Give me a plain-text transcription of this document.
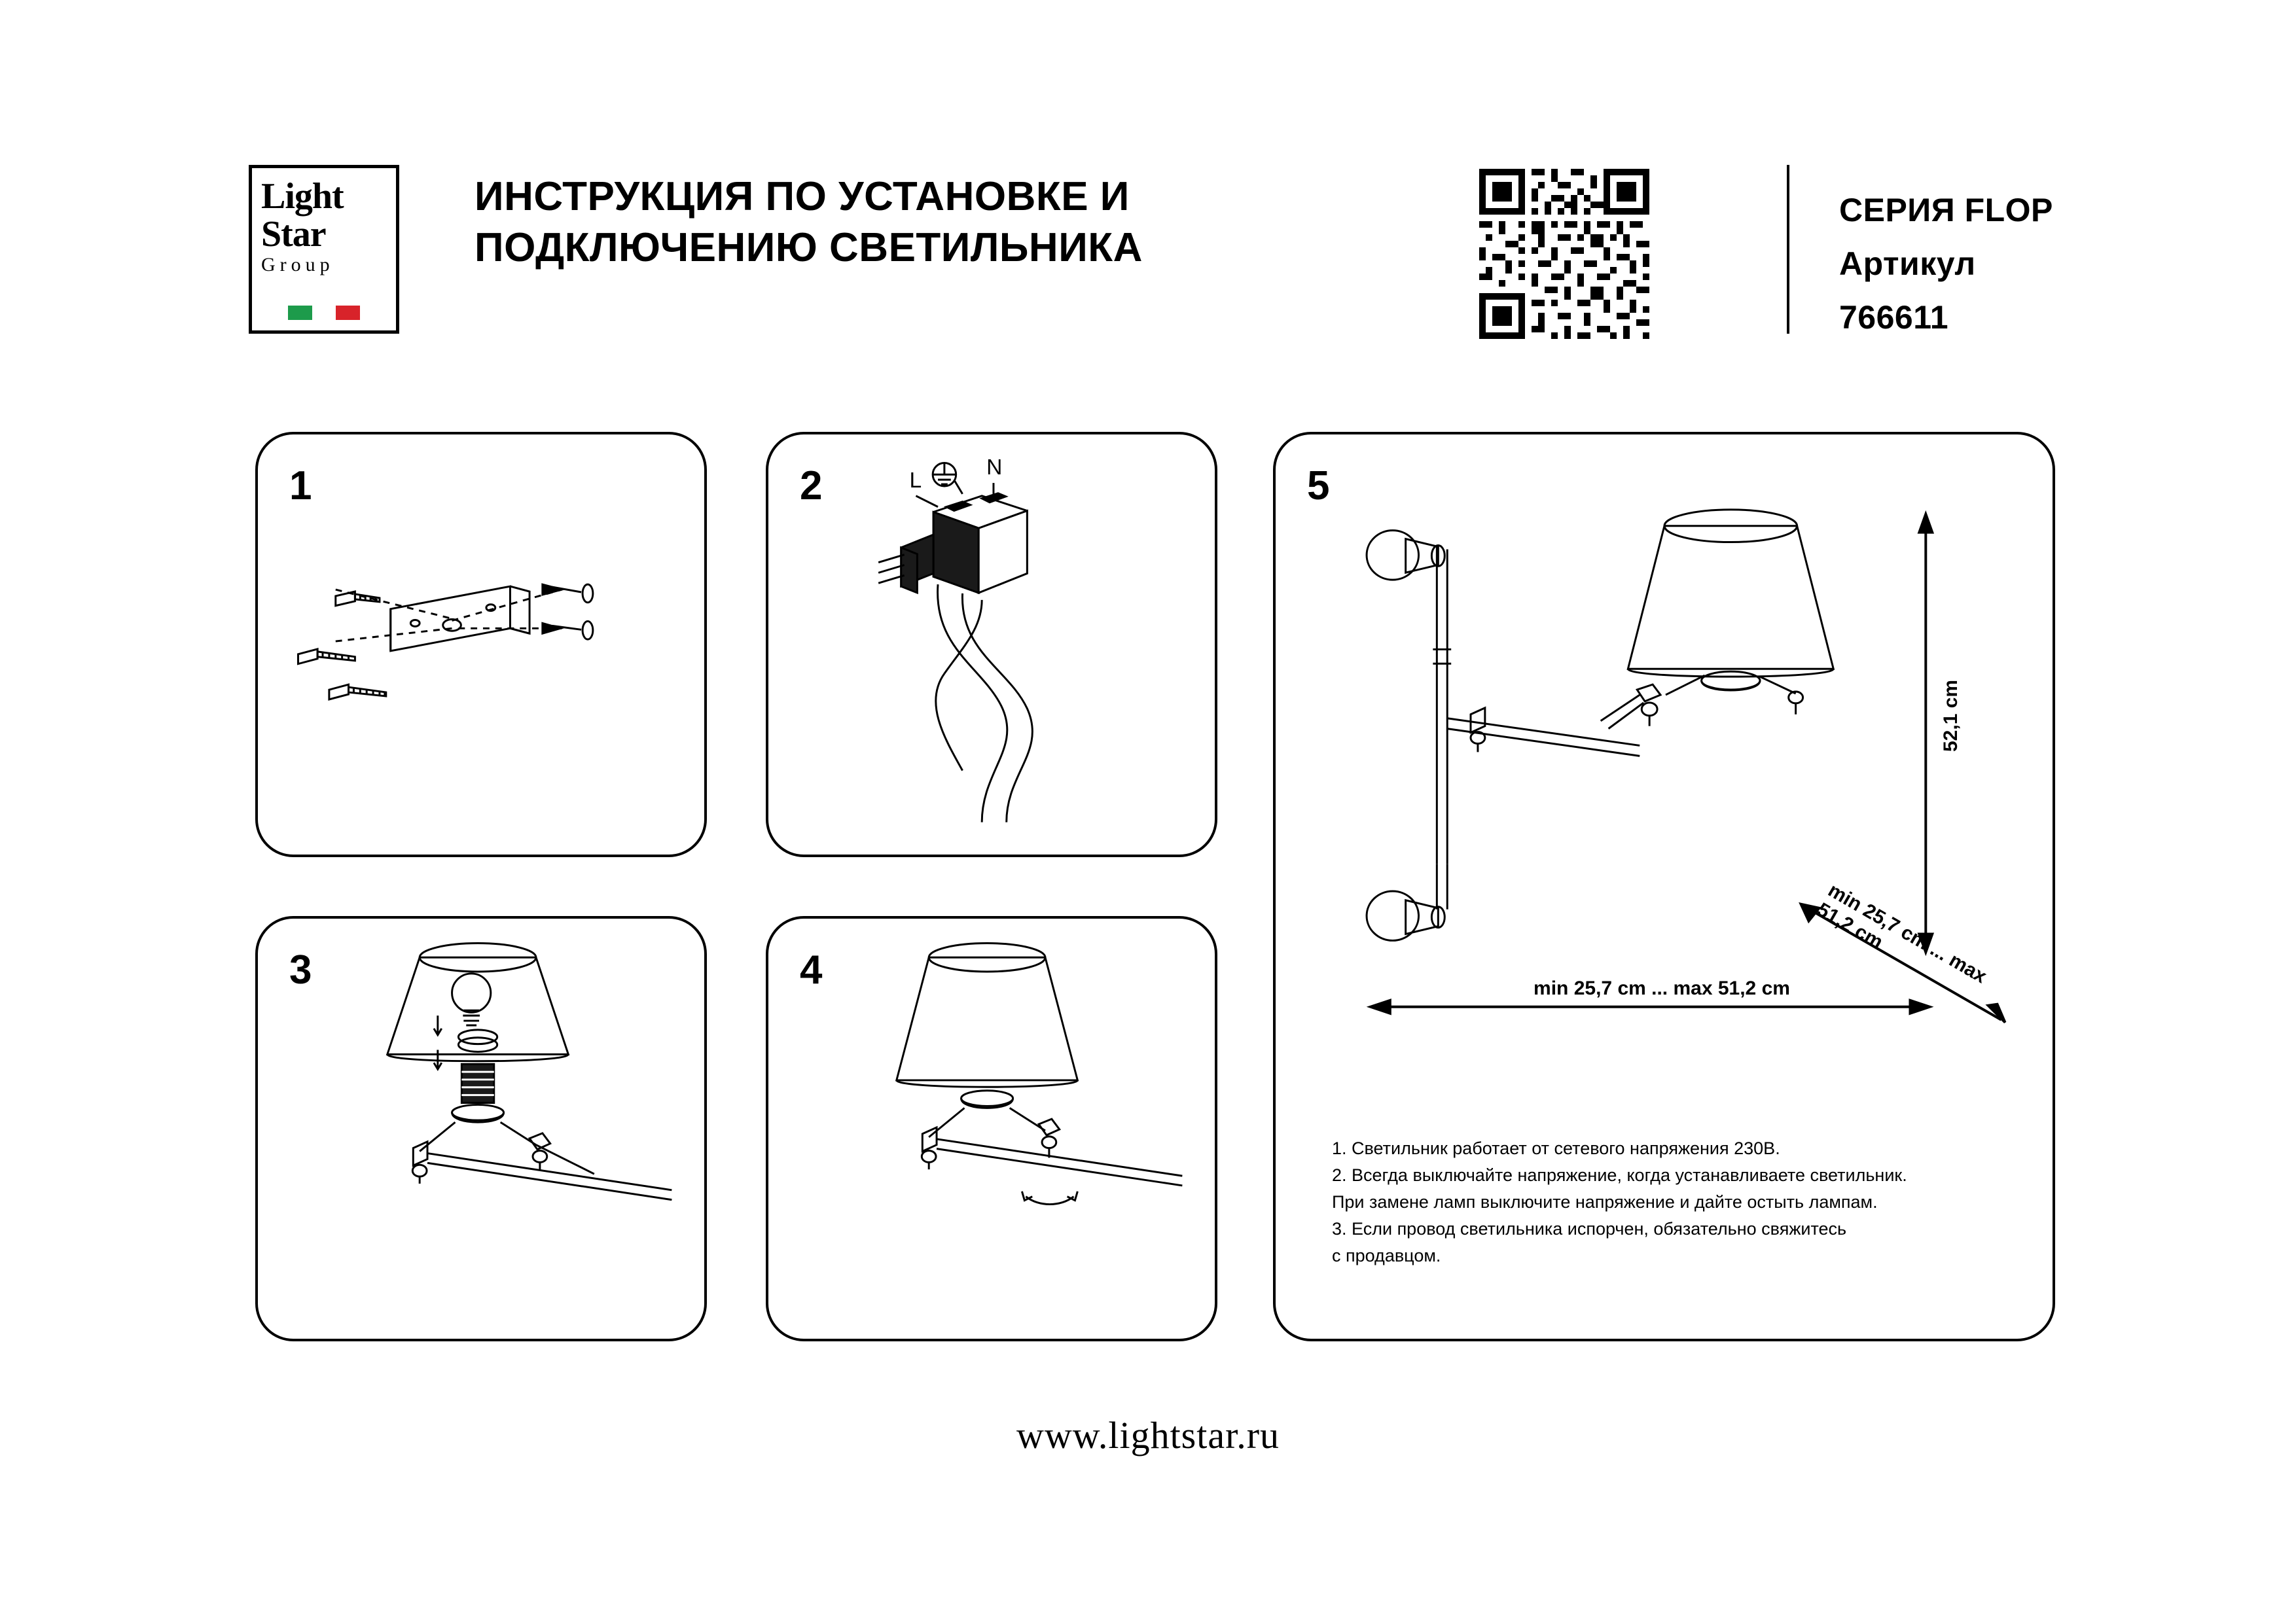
Light
Star
Group
ИНСТРУКЦИЯ ПО УСТАНОВКЕ И
ПОДКЛЮЧЕНИЮ СВЕТИЛЬНИКА
СЕРИЯ FLOP
Артикул 766611
1	2	L
N
3	4
5
52,1 cm
min 25,7 cm ... max 51,2 cm
min 25,7 cm ... max 51,2 cm

1. Светильник работает от сетевого напряжения 230В.

2. Всегда выключайте напряжение, когда устанавливаете светильник.

При замене ламп выключите напряжение и дайте остыть лампам.

3. Если провод светильника испорчен, обязательно свяжитесь

с продавцом.

www.lightstar.ru
